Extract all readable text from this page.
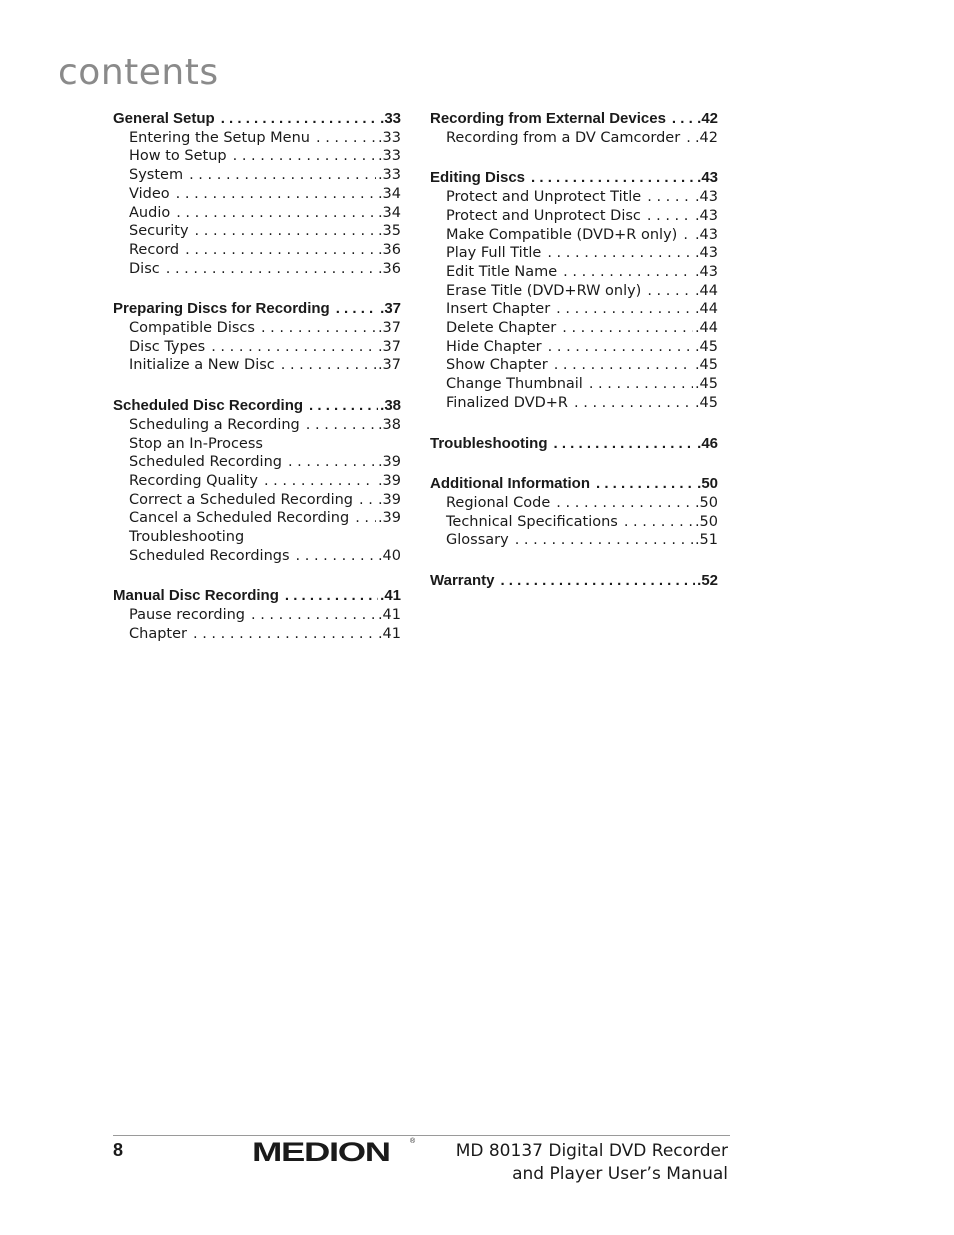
contents
General Setup . . .	. 33
Entering the Setup Menu . . .	. 33
How to Setup . . .	. 33
System . . .	. 33
Video . . .	. 34
Audio . . .	. 34
Security . . .	. 35
Record . . .	. 36
Disc . . .	. 36
Preparing Discs for Recording . . .	. 37
Compatible Discs . . .	. 37
Disc Types . . .	. 37
Initialize a New Disc . . .	. 37
Scheduled Disc Recording . . .	. 38
Scheduling a Recording . . .	. 38
Stop an In-Process
Scheduled Recording . . .	. 39
Recording Quality . . .	. 39
Correct a Scheduled Recording . . .	. 39
Cancel a Scheduled Recording . . .	. 39
Troubleshooting
Scheduled Recordings . . .	. 40
Manual Disc Recording . . .	. 41
Pause recording . . .	. 41
Chapter . . .	. 41
Recording from External Devices . . . . 42
Recording from a DV Camcorder . . .	. 42
Editing Discs . . .	. 43
Protect and Unprotect Title . . .	. 43
Protect and Unprotect Disc . . .	. 43
Make Compatible (DVD+R only) . . .	. 43
Play Full Title . . .	. 43
Edit Title Name . . .	. 43
Erase Title (DVD+RW only) . . .	. 44
Insert Chapter . . .	. 44
Delete Chapter . . .	. 44
Hide Chapter . . .	. 45
Show Chapter . . .	. 45
Change Thumbnail . . .	. 45
Finalized DVD+R . . .	. 45
Troubleshooting . . .	. 46
Additional Information . . .	. 50
Regional Code . . .	. 50
Technical Specifications . . .	. 50
Glossary . . .	. 51
Warranty . . .	. 52
8	MEDION	® MD 80137 Digital DVD Recorder
and Player User’s Manual
